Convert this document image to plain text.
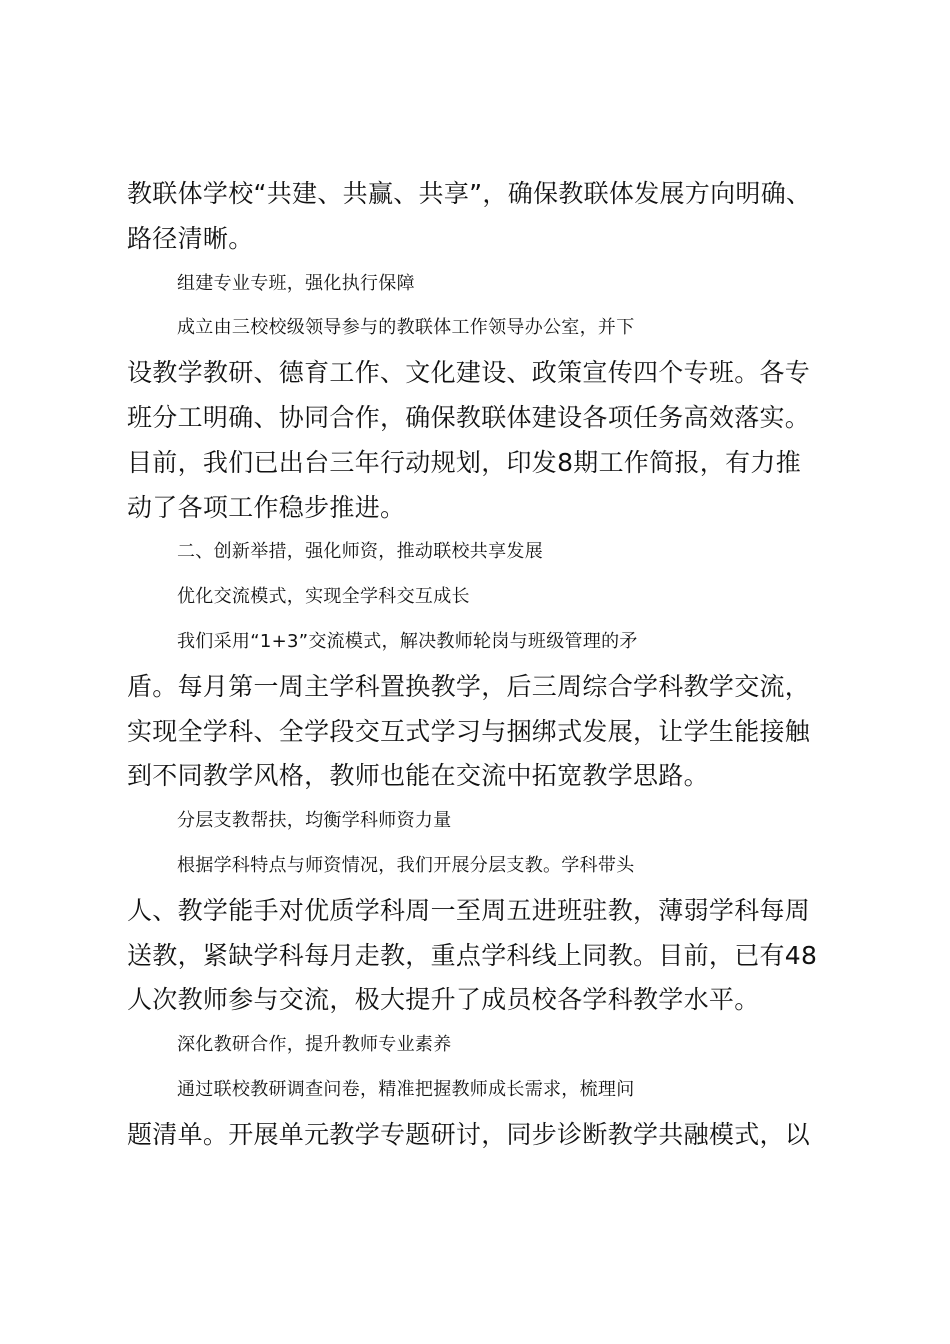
教联体学校“共建、共赢、共享”，确保教联体发展方向明确、
路径清晰。
组建专业专班，强化执行保障
成立由三校校级领导参与的教联体工作领导办公室，并下
设教学教研、德育工作、文化建设、政策宣传四个专班。各专
班分工明确、协同合作，确保教联体建设各项任务高效落实。
目前，我们已出台三年行动规划，印发8期工作简报，有力推
动了各项工作稳步推进。
二、创新举措，强化师资，推动联校共享发展
优化交流模式，实现全学科交互成长
我们采用“1+3”交流模式，解决教师轮岗与班级管理的矛
盾。每月第一周主学科置换教学，后三周综合学科教学交流，
实现全学科、全学段交互式学习与捆绑式发展，让学生能接触
到不同教学风格，教师也能在交流中拓宽教学思路。
分层支教帮扶，均衡学科师资力量
根据学科特点与师资情况，我们开展分层支教。学科带头
人、教学能手对优质学科周一至周五进班驻教，薄弱学科每周
送教，紧缺学科每月走教，重点学科线上同教。目前，已有48
人次教师参与交流，极大提升了成员校各学科教学水平。
深化教研合作，提升教师专业素养
通过联校教研调查问卷，精准把握教师成长需求，梳理问
题清单。开展单元教学专题研讨，同步诊断教学共融模式，以
